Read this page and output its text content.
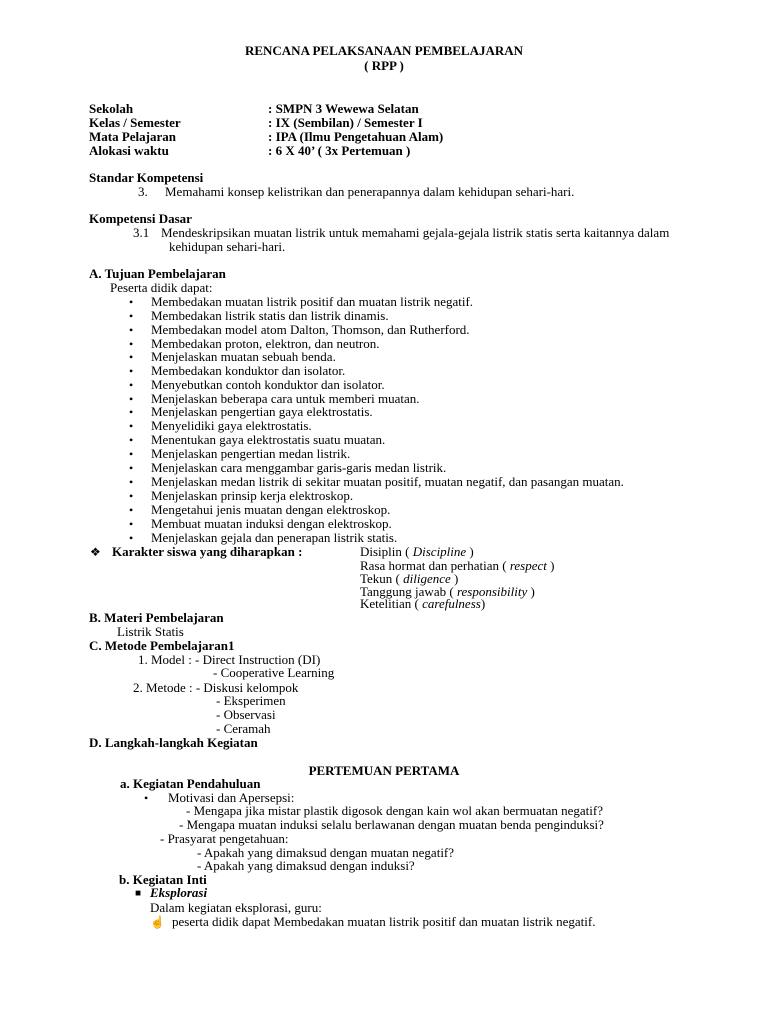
RENCANA PELAKSANAAN PEMBELAJARAN
( RPP )
Sekolah	: SMPN 3 Wewewa Selatan
Kelas / Semester	: IX (Sembilan) / Semester I
Mata Pelajaran	: IPA (Ilmu Pengetahuan Alam)
Alokasi waktu	: 6 X 40’ ( 3x Pertemuan )
Standar Kompetensi
3. Memahami konsep kelistrikan dan penerapannya dalam kehidupan sehari-hari.
Kompetensi Dasar
3.1 Mendeskripsikan muatan listrik untuk memahami gejala-gejala listrik statis serta kaitannya dalam
kehidupan sehari-hari.
A. Tujuan Pembelajaran
Peserta didik dapat:
• Membedakan muatan listrik positif dan muatan listrik negatif.
• Membedakan listrik statis dan listrik dinamis.
• Membedakan model atom Dalton, Thomson, dan Rutherford.
• Membedakan proton, elektron, dan neutron.
• Menjelaskan muatan sebuah benda.
• Membedakan konduktor dan isolator.
• Menyebutkan contoh konduktor dan isolator.
• Menjelaskan beberapa cara untuk memberi muatan.
• Menjelaskan pengertian gaya elektrostatis.
• Menyelidiki gaya elektrostatis.
• Menentukan gaya elektrostatis suatu muatan.
• Menjelaskan pengertian medan listrik.
• Menjelaskan cara menggambar garis-garis medan listrik.
• Menjelaskan medan listrik di sekitar muatan positif, muatan negatif, dan pasangan muatan.
• Menjelaskan prinsip kerja elektroskop.
• Mengetahui jenis muatan dengan elektroskop.
• Membuat muatan induksi dengan elektroskop.
• Menjelaskan gejala dan penerapan listrik statis.
❖ Karakter siswa yang diharapkan :	Disiplin ( Discipline )
Rasa hormat dan perhatian ( respect )
Tekun ( diligence )
Tanggung jawab ( responsibility )
Ketelitian ( carefulness)
B. Materi Pembelajaran
Listrik Statis
C. Metode Pembelajaran1
1. Model : - Direct Instruction (DI)
- Cooperative Learning
2. Metode : - Diskusi kelompok
- Eksperimen
- Observasi
- Ceramah
D. Langkah-langkah Kegiatan
PERTEMUAN PERTAMA
a. Kegiatan Pendahuluan
• Motivasi dan Apersepsi:
- Mengapa jika mistar plastik digosok dengan kain wol akan bermuatan negatif?
- Mengapa muatan induksi selalu berlawanan dengan muatan benda penginduksi?
- Prasyarat pengetahuan:
- Apakah yang dimaksud dengan muatan negatif?
- Apakah yang dimaksud dengan induksi?
b. Kegiatan Inti
■ Eksplorasi
Dalam kegiatan eksplorasi, guru:
☝ peserta didik dapat Membedakan muatan listrik positif dan muatan listrik negatif.
